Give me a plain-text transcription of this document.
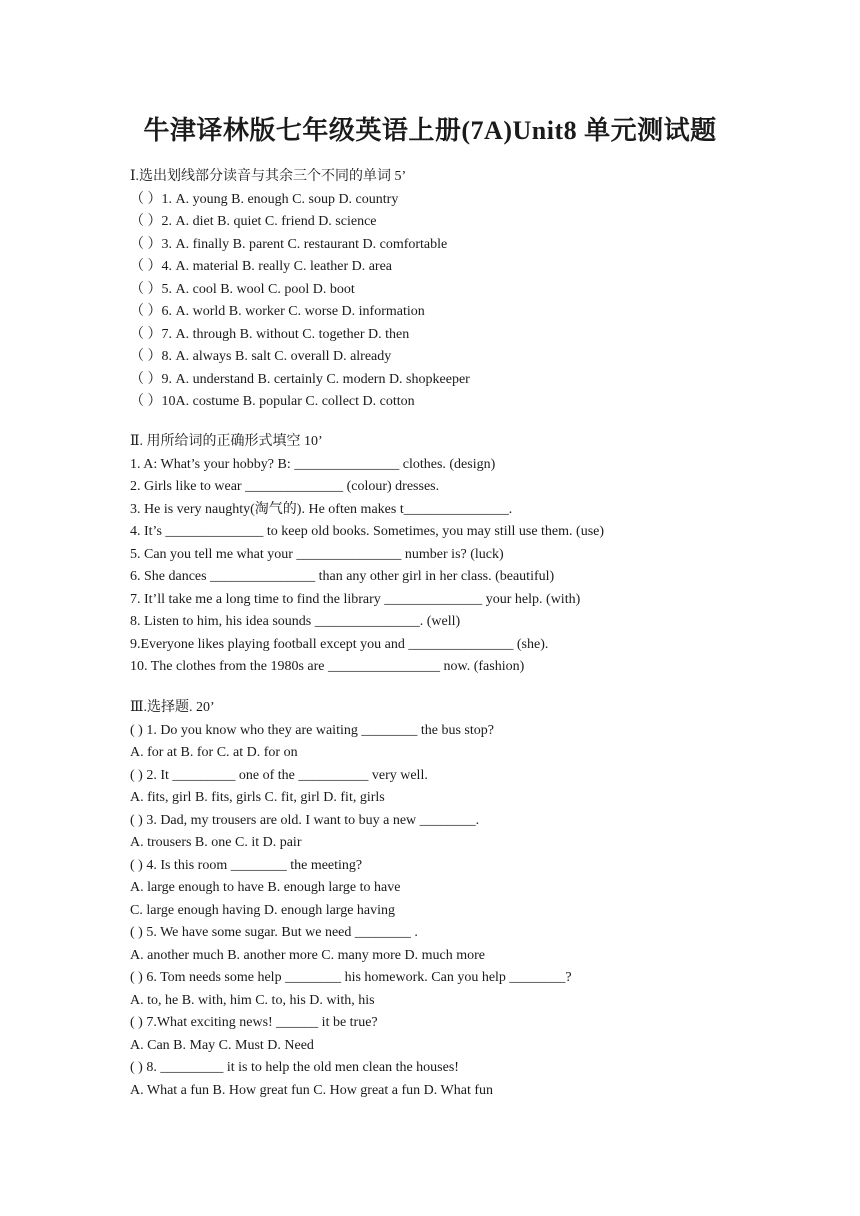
牛津译林版七年级英语上册(7A)Unit8 单元测试题
Ⅰ.选出划线部分读音与其余三个不同的单词 5’
（ ）1. A. young B. enough C. soup D. country
（ ）2. A. diet B. quiet C. friend D. science
（ ）3. A. finally B. parent C. restaurant D. comfortable
（ ）4. A. material B. really C. leather D. area
（ ）5. A. cool B. wool C. pool D. boot
（ ）6. A. world B. worker C. worse D. information
（ ）7. A. through B. without C. together D. then
（ ）8. A. always B. salt C. overall D. already
（ ）9. A. understand B. certainly C. modern D. shopkeeper
（ ）10A. costume B. popular C. collect D. cotton
Ⅱ. 用所给词的正确形式填空 10’
1. A: What’s your hobby? B: _______________ clothes. (design)
2. Girls like to wear ______________ (colour) dresses.
3. He is very naughty(淘气的). He often makes t_______________.
4. It’s ______________ to keep old books. Sometimes, you may still use them. (use)
5. Can you tell me what your _______________ number is? (luck)
6. She dances _______________ than any other girl in her class. (beautiful)
7. It’ll take me a long time to find the library ______________ your help. (with)
8. Listen to him, his idea sounds _______________. (well)
9.Everyone likes playing football except you and _______________ (she).
10. The clothes from the 1980s are ________________ now. (fashion)
Ⅲ.选择题. 20’
( ) 1. Do you know who they are waiting ________ the bus stop?
A. for at B. for C. at D. for on
( ) 2. It _________ one of the __________ very well.
A. fits, girl B. fits, girls C. fit, girl D. fit, girls
( ) 3. Dad, my trousers are old. I want to buy a new ________.
A. trousers B. one C. it D. pair
( ) 4. Is this room ________ the meeting?
A. large enough to have B. enough large to have
C. large enough having D. enough large having
( ) 5. We have some sugar. But we need ________ .
A. another much B. another more C. many more D. much more
( ) 6. Tom needs some help ________ his homework. Can you help ________?
A. to, he B. with, him C. to, his D. with, his
( ) 7.What exciting news! ______ it be true?
A. Can B. May C. Must D. Need
( ) 8. _________ it is to help the old men clean the houses!
A. What a fun B. How great fun C. How great a fun D. What fun
